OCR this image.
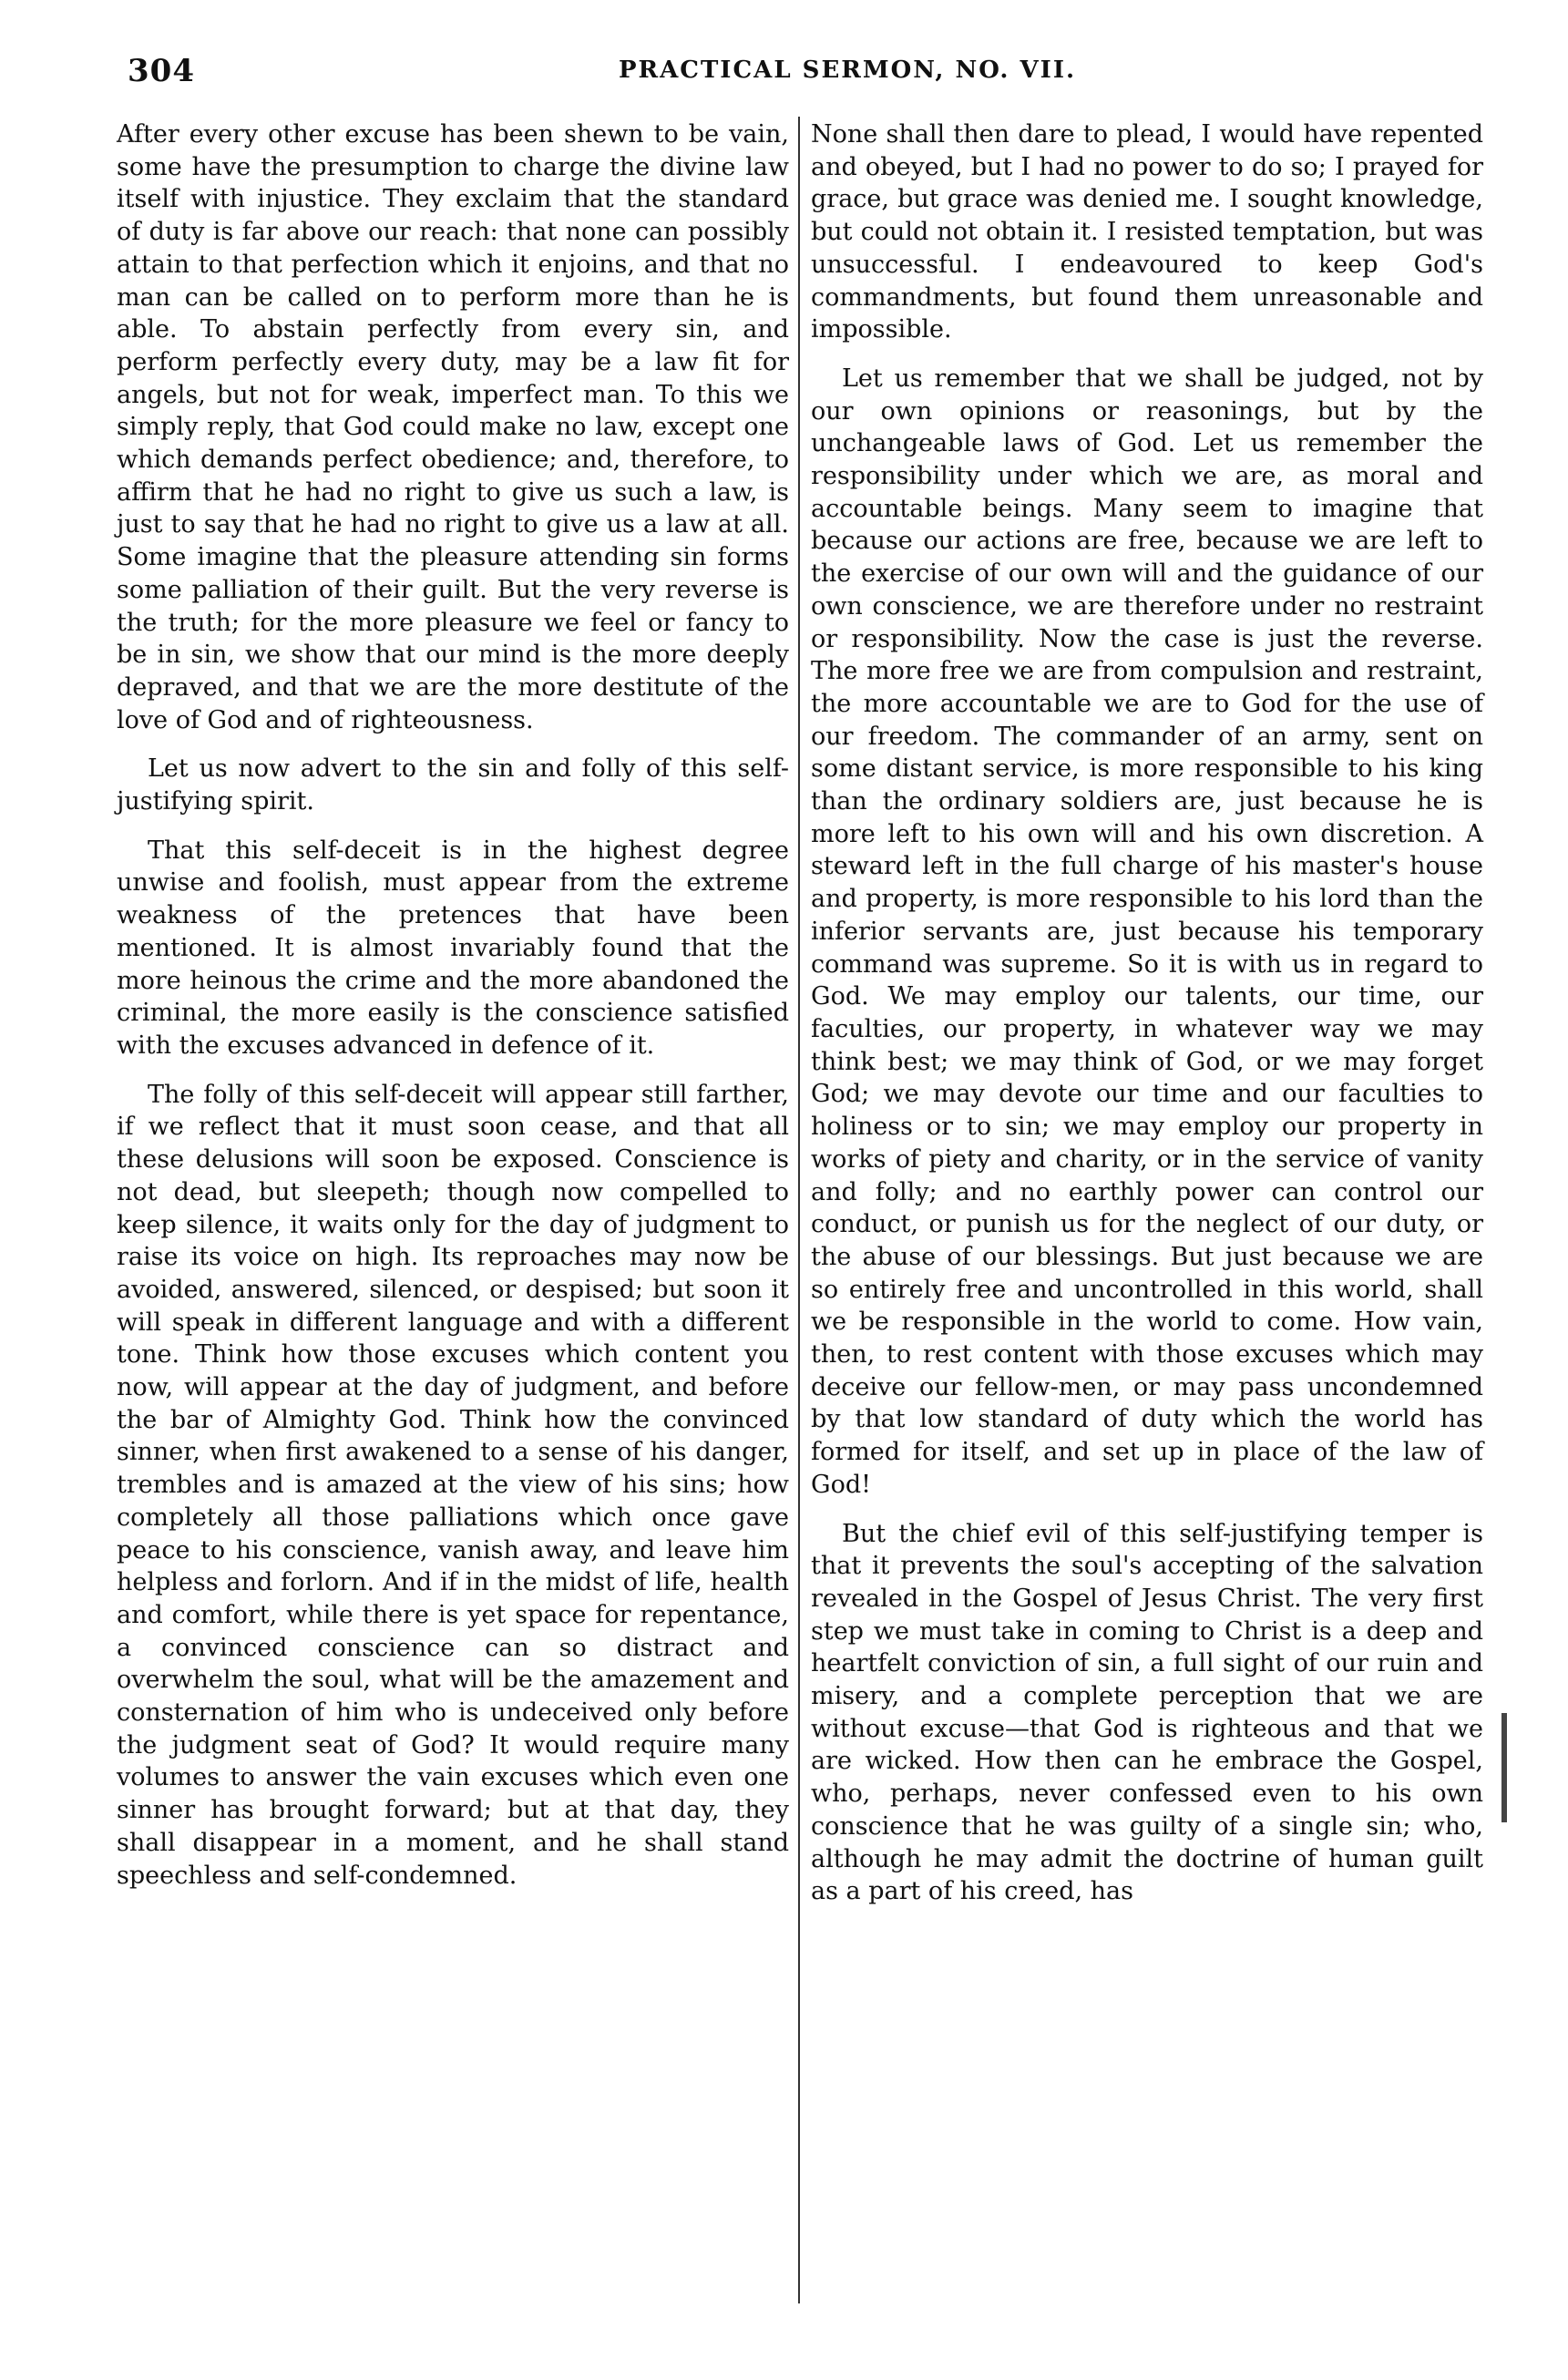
304	PRACTICAL SERMON, NO. VII.

After every other excuse has been shewn to be vain, some have the presumption to charge the divine law itself with injustice. They exclaim that the standard of duty is far above our reach: that none can possibly attain to that perfection which it enjoins, and that no man can be called on to perform more than he is able. To abstain perfectly from every sin, and perform perfectly every duty, may be a law fit for angels, but not for weak, imperfect man. To this we simply reply, that God could make no law, except one which demands perfect obedience; and, therefore, to affirm that he had no right to give us such a law, is just to say that he had no right to give us a law at all. Some imagine that the pleasure attending sin forms some palliation of their guilt. But the very reverse is the truth; for the more pleasure we feel or fancy to be in sin, we show that our mind is the more deeply depraved, and that we are the more destitute of the love of God and of righteousness.

Let us now advert to the sin and folly of this self-justifying spirit.

That this self-deceit is in the highest degree unwise and foolish, must appear from the extreme weakness of the pretences that have been mentioned. It is almost invariably found that the more heinous the crime and the more abandoned the criminal, the more easily is the conscience satisfied with the excuses advanced in defence of it.

The folly of this self-deceit will appear still farther, if we reflect that it must soon cease, and that all these delusions will soon be exposed. Conscience is not dead, but sleepeth; though now compelled to keep silence, it waits only for the day of judgment to raise its voice on high. Its reproaches may now be avoided, answered, silenced, or despised; but soon it will speak in different language and with a different tone. Think how those excuses which content you now, will appear at the day of judgment, and before the bar of Almighty God. Think how the convinced sinner, when first awakened to a sense of his danger, trembles and is amazed at the view of his sins; how completely all those palliations which once gave peace to his conscience, vanish away, and leave him helpless and forlorn. And if in the midst of life, health and comfort, while there is yet space for repentance, a convinced conscience can so distract and overwhelm the soul, what will be the amazement and consternation of him who is undeceived only before the judgment seat of God? It would require many volumes to answer the vain excuses which even one sinner has brought forward; but at that day, they shall disappear in a moment, and he shall stand speechless and self-condemned.

None shall then dare to plead, I would have repented and obeyed, but I had no power to do so; I prayed for grace, but grace was denied me. I sought knowledge, but could not obtain it. I resisted temptation, but was unsuccessful. I endeavoured to keep God's commandments, but found them unreasonable and impossible.

Let us remember that we shall be judged, not by our own opinions or reasonings, but by the unchangeable laws of God. Let us remember the responsibility under which we are, as moral and accountable beings. Many seem to imagine that because our actions are free, because we are left to the exercise of our own will and the guidance of our own conscience, we are therefore under no restraint or responsibility. Now the case is just the reverse. The more free we are from compulsion and restraint, the more accountable we are to God for the use of our freedom. The commander of an army, sent on some distant service, is more responsible to his king than the ordinary soldiers are, just because he is more left to his own will and his own discretion. A steward left in the full charge of his master's house and property, is more responsible to his lord than the inferior servants are, just because his temporary command was supreme. So it is with us in regard to God. We may employ our talents, our time, our faculties, our property, in whatever way we may think best; we may think of God, or we may forget God; we may devote our time and our faculties to holiness or to sin; we may employ our property in works of piety and charity, or in the service of vanity and folly; and no earthly power can control our conduct, or punish us for the neglect of our duty, or the abuse of our blessings. But just because we are so entirely free and uncontrolled in this world, shall we be responsible in the world to come. How vain, then, to rest content with those excuses which may deceive our fellow-men, or may pass uncondemned by that low standard of duty which the world has formed for itself, and set up in place of the law of God!

But the chief evil of this self-justifying temper is that it prevents the soul's accepting of the salvation revealed in the Gospel of Jesus Christ. The very first step we must take in coming to Christ is a deep and heartfelt conviction of sin, a full sight of our ruin and misery, and a complete perception that we are without excuse—that God is righteous and that we are wicked. How then can he embrace the Gospel, who, perhaps, never confessed even to his own conscience that he was guilty of a single sin; who, although he may admit the doctrine of human guilt as a part of his creed, has
